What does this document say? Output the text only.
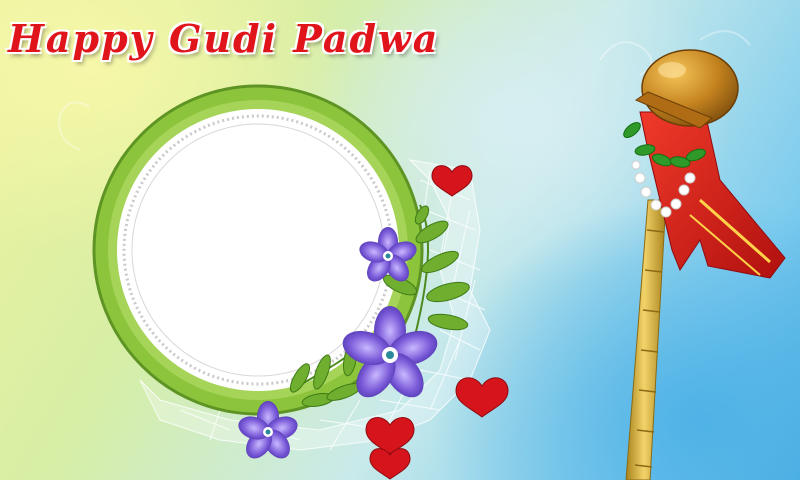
Happy Gudi Padwa
